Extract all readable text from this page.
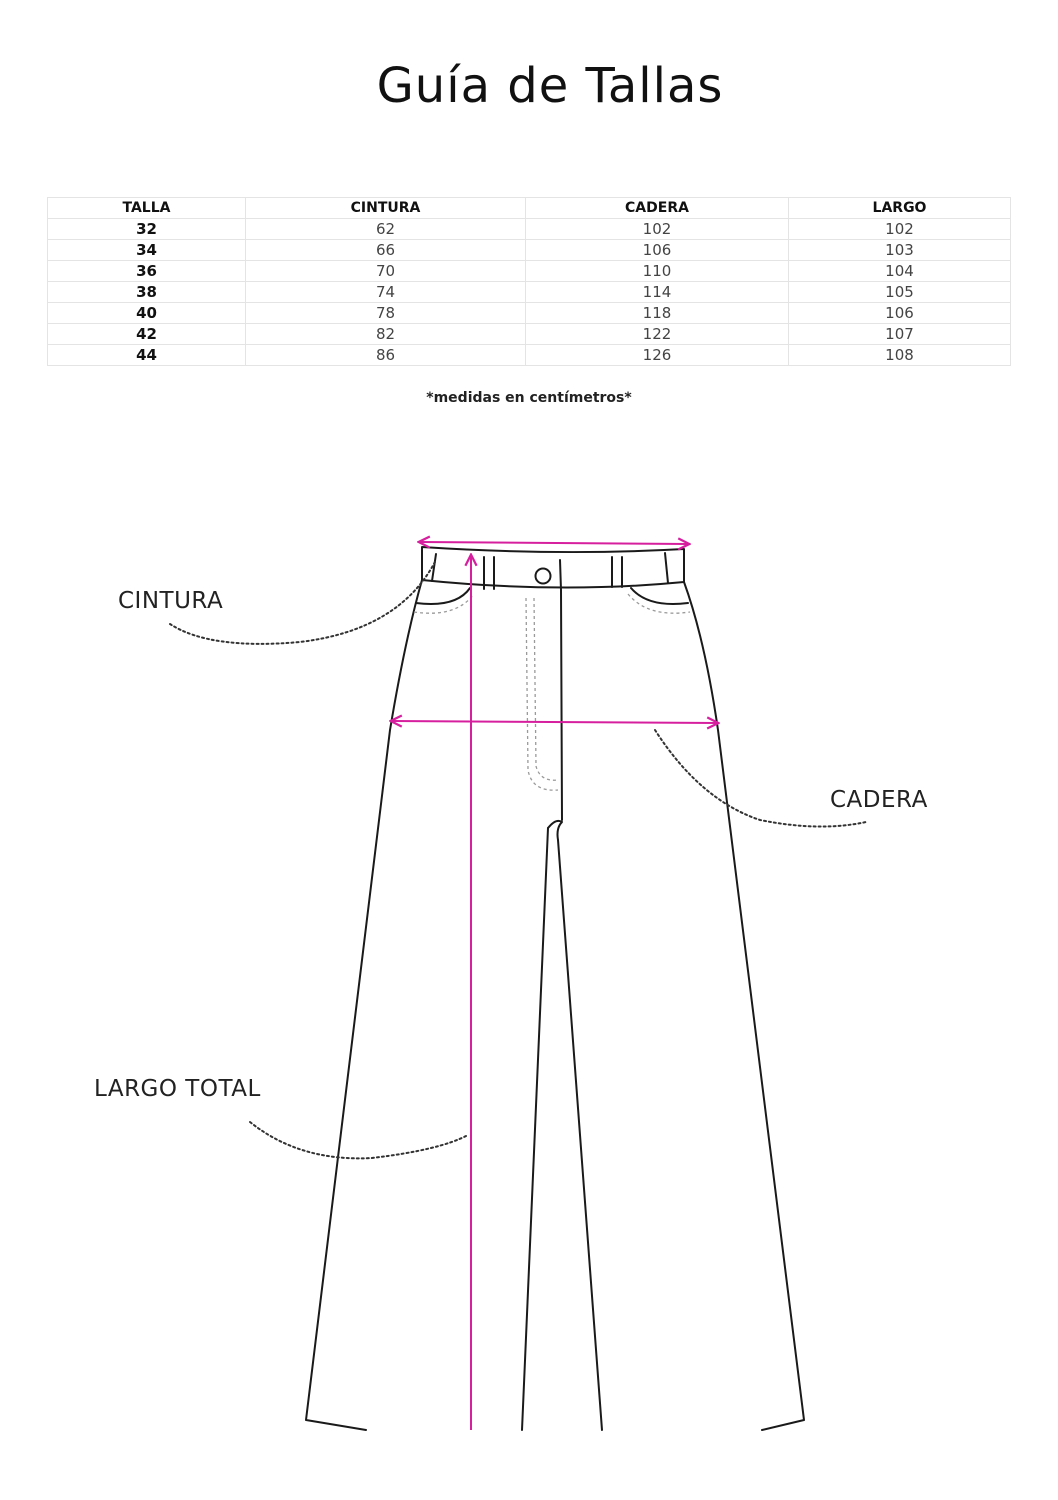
Guía de Tallas
TALLA	CINTURA	CADERA	LARGO
32	62	102	102
34	66	106	103
36	70	110	104
38	74	114	105
40	78	118	106
42	82	122	107
44	86	126	108
*medidas en centímetros*
CINTURA
CADERA
LARGO TOTAL
